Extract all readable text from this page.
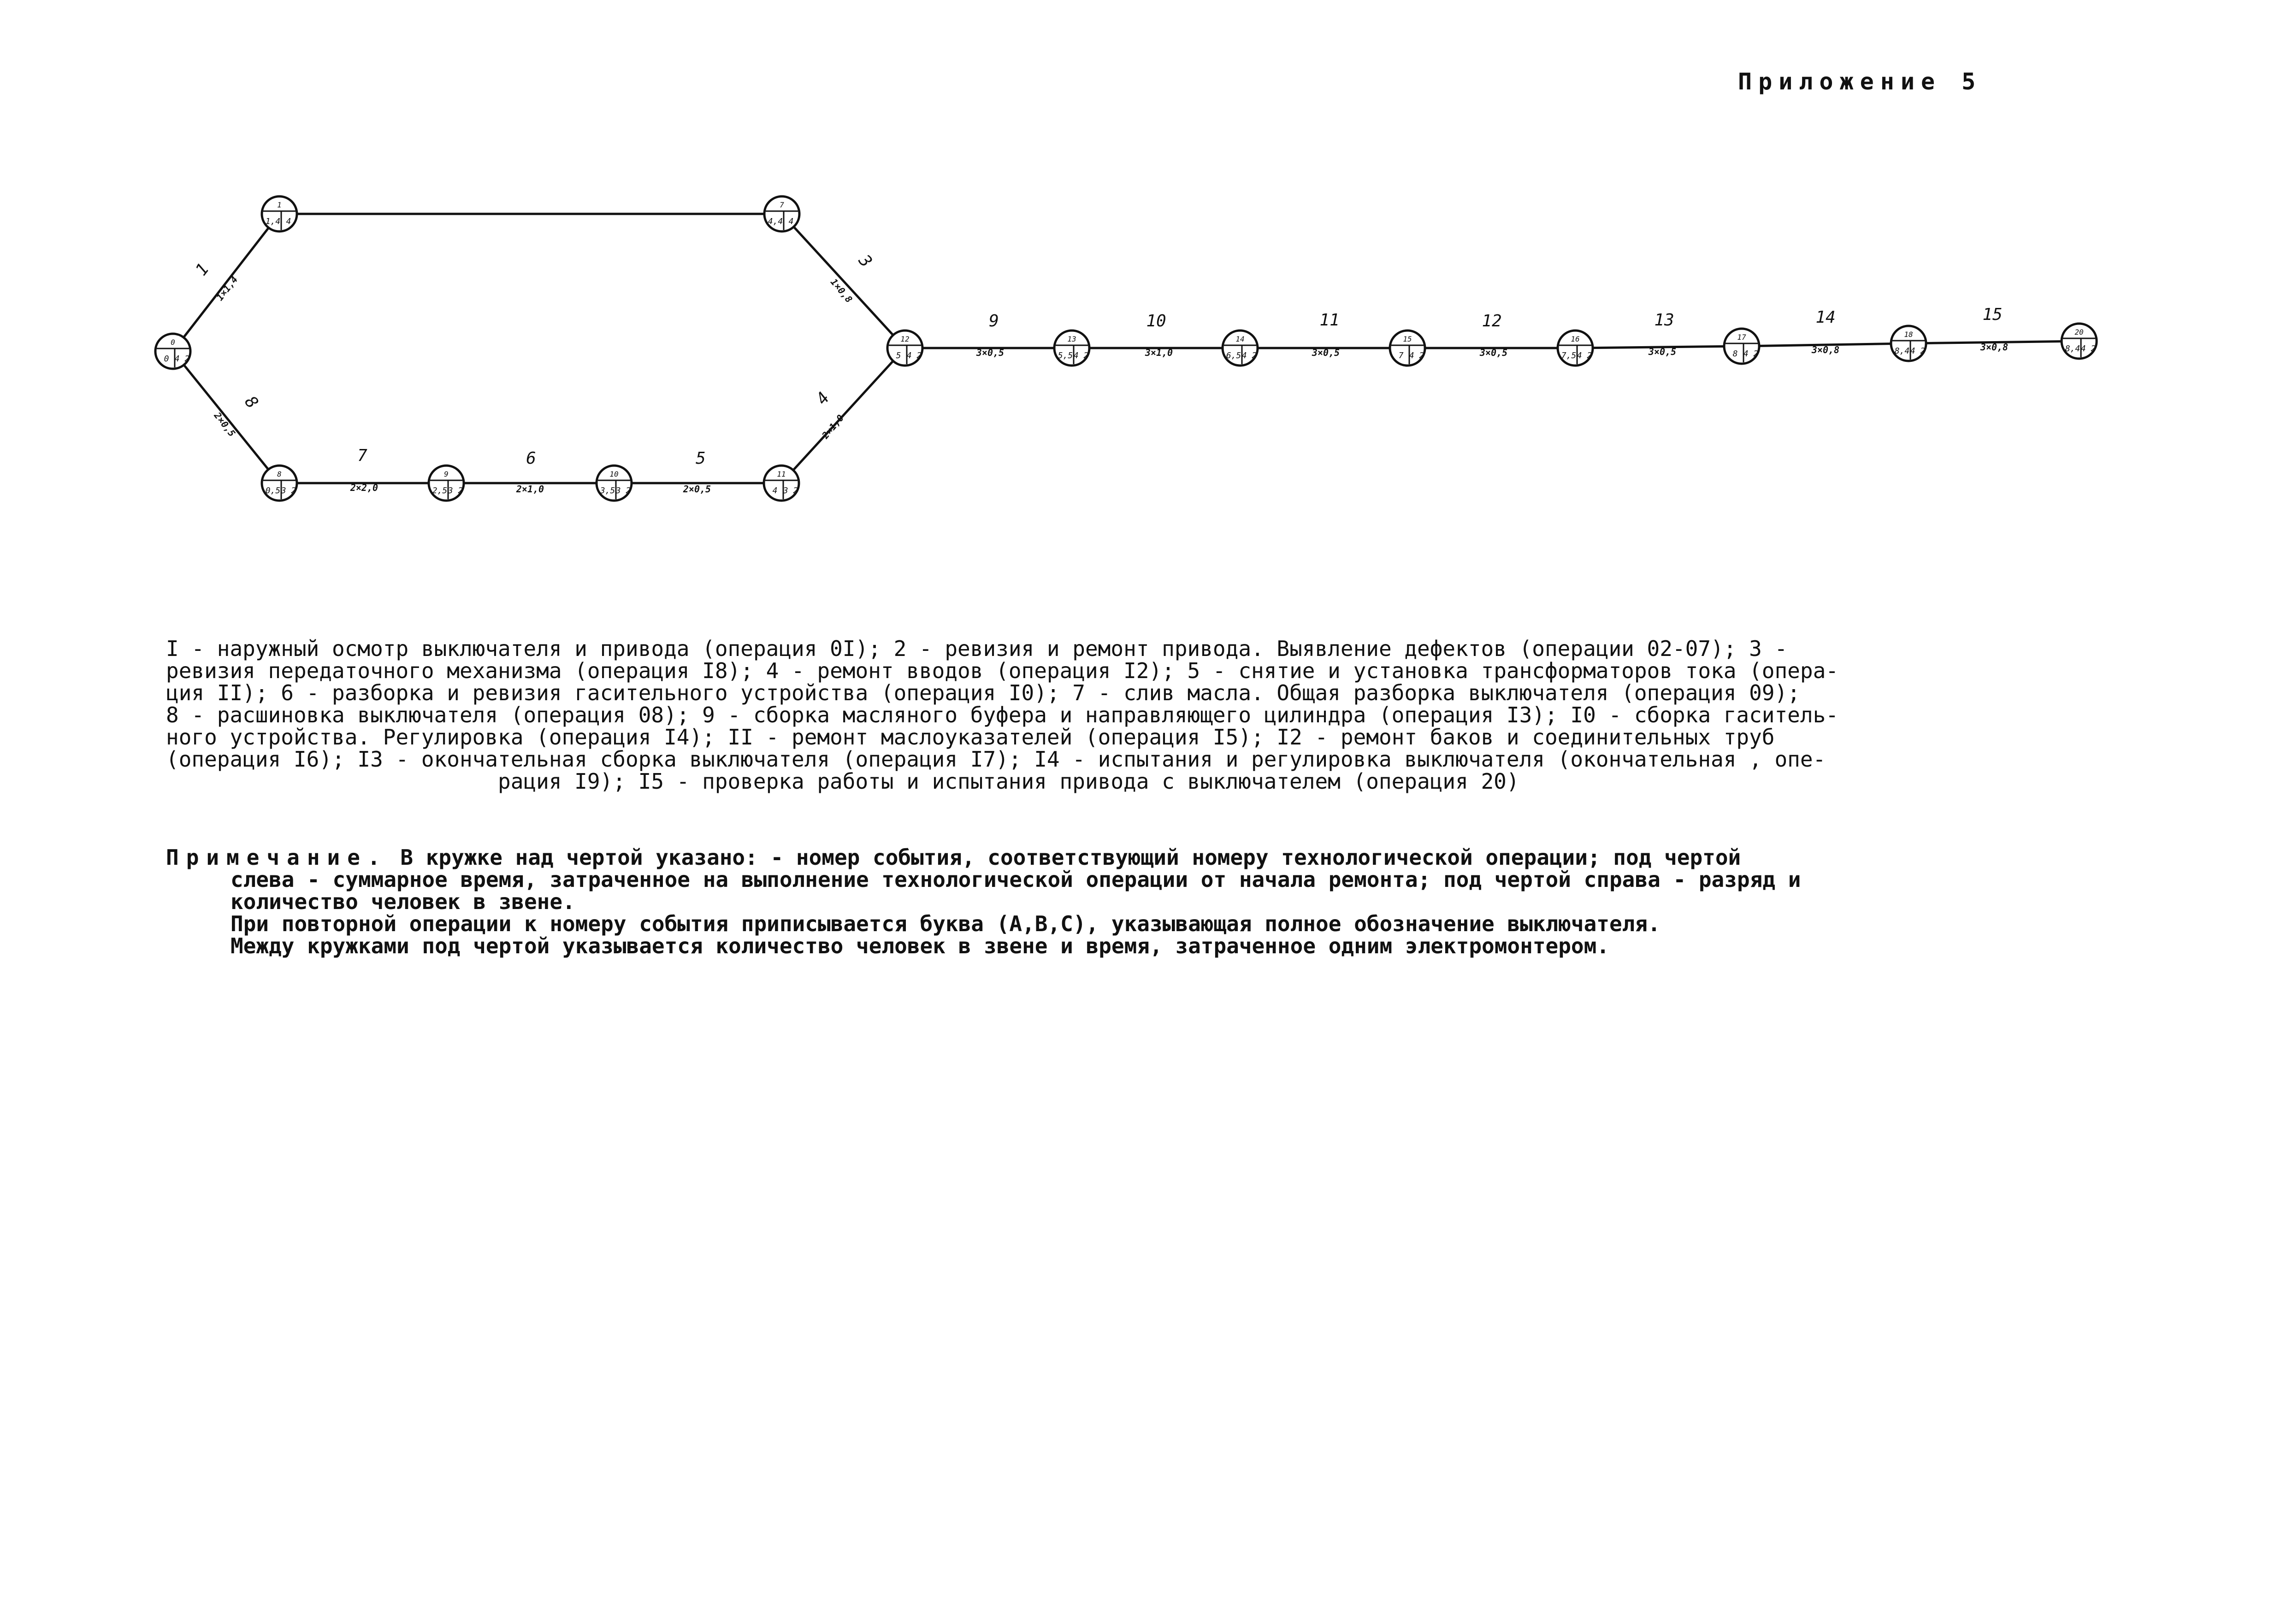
Приложение 5
1
1×1,4
3
1×0,8
8
2×0,5
4
2×1,0
7
2×2,0
6
2×1,0
5
2×0,5
9
3×0,5
10
3×1,0
11
3×0,5
12
3×0,5
13
3×0,5
14
3×0,8
15
3×0,8
0
0 4 2
1
1,4 4
7
4,4 4
8
0,5 3 2
9
2,5 3 2
10
3,5 3 2
11
4 3 2
12
5 4 2
13
5,5 4 2
14
6,5 4 2
15
7 4 2
16
7,5 4 2
17
8 4 2
18
8,4 4 2
20
8,4 4 2

I - наружный осмотр выключателя и привода (операция 0I); 2 - ревизия и ремонт привода. Выявление дефектов (операции 02-07); 3 -

ревизия передаточного механизма (операция I8); 4 - ремонт вводов (операция I2); 5 - снятие и установка трансформаторов тока (опера-

ция II); 6 - разборка и ревизия гасительного устройства (операция I0); 7 - слив масла. Общая разборка выключателя (операция 09);

8 - расшиновка выключателя (операция 08); 9 - сборка масляного буфера и направляющего цилиндра (операция I3); I0 - сборка гаситель-

ного устройства. Регулировка (операция I4); II - ремонт маслоуказателей (операция I5); I2 - ремонт баков и соединительных труб

(операция I6); I3 - окончательная сборка выключателя (операция I7); I4 - испытания и регулировка выключателя (окончательная , опе-

рация I9); I5 - проверка работы и испытания привода с выключателем (операция 20)

Примечание. В кружке над чертой указано: - номер события, соответствующий номеру технологической операции; под чертой

слева - суммарное время, затраченное на выполнение технологической операции от начала ремонта; под чертой справа - разряд и

количество человек в звене.

При повторной операции к номеру события приписывается буква (А,В,С), указывающая полное обозначение выключателя.

Между кружками под чертой указывается количество человек в звене и время, затраченное одним электромонтером.
